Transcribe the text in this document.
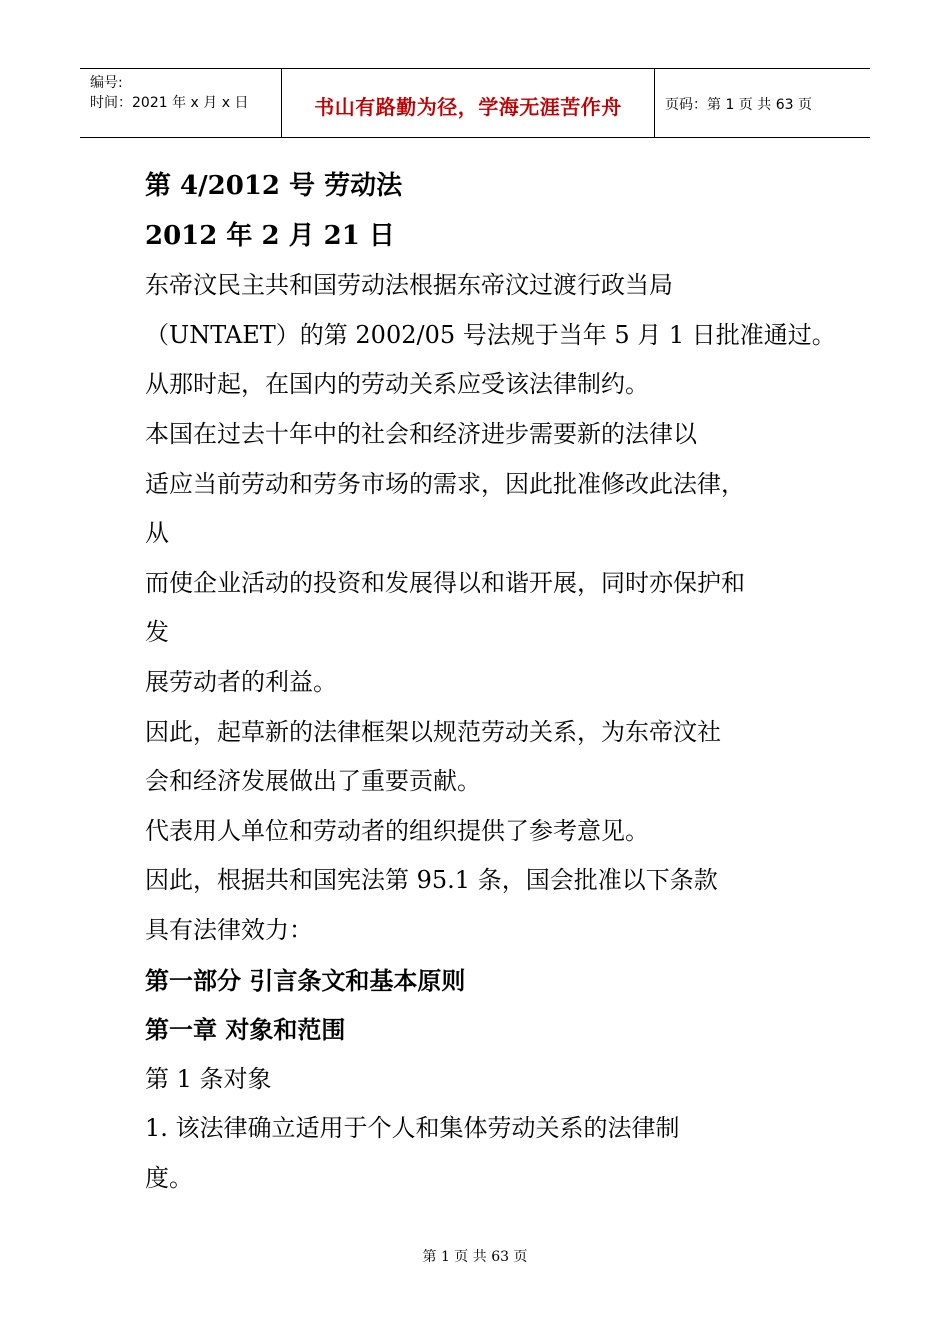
编号:
时间：2021 年 x 月 x 日	书山有路勤为径，学海无涯苦作舟	页码：第 1 页 共 63 页

第 4/2012 号 劳动法

2012 年 2 月 21 日

东帝汶民主共和国劳动法根据东帝汶过渡行政当局

（UNTAET）的第 2002/05 号法规于当年 5 月 1 日批准通过。

从那时起，在国内的劳动关系应受该法律制约。

本国在过去十年中的社会和经济进步需要新的法律以

适应当前劳动和劳务市场的需求，因此批准修改此法律，

从

而使企业活动的投资和发展得以和谐开展，同时亦保护和

发

展劳动者的利益。

因此，起草新的法律框架以规范劳动关系，为东帝汶社

会和经济发展做出了重要贡献。

代表用人单位和劳动者的组织提供了参考意见。

因此，根据共和国宪法第 95.1 条，国会批准以下条款

具有法律效力：

第一部分 引言条文和基本原则

第一章 对象和范围

第 1 条对象

1. 该法律确立适用于个人和集体劳动关系的法律制

度。

第 1 页 共 63 页
